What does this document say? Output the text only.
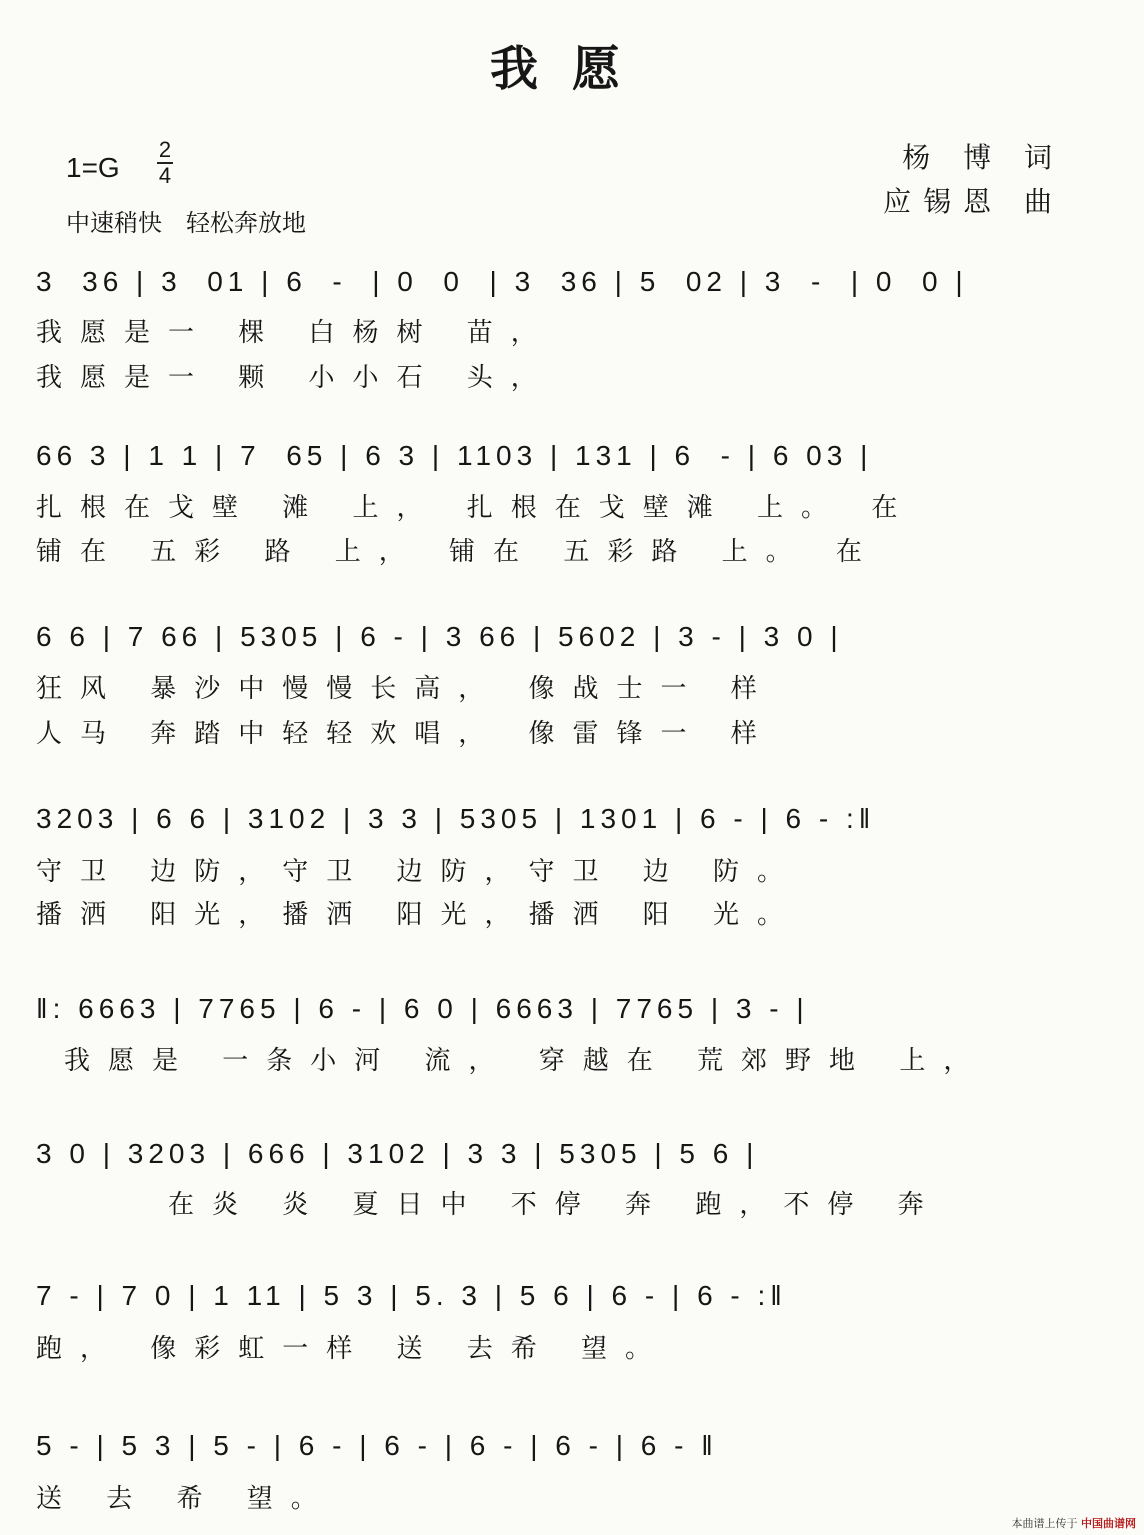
我愿
1=G
2
4
中速稍快　轻松奔放地
杨 博 词
应锡恩 曲
3  36 | 3  01 | 6  -  | 0  0  | 3  36 | 5  02 | 3  -  | 0  0 |
我愿是一 棵 白杨树 苗，
我愿是一 颗 小小石 头，
66 3 | 1 1 | 7  65 | 6 3 | 1103 | 131 | 6  - | 6 03 |
扎根在戈壁 滩 上， 扎根在戈壁滩 上。 在
铺在 五彩 路 上， 铺在 五彩路 上。 在
6 6 | 7 66 | 5305 | 6 - | 3 66 | 5602 | 3 - | 3 0 |
狂风 暴沙中慢慢长高， 像战士一 样
人马 奔踏中轻轻欢唱， 像雷锋一 样
3203 | 6 6 | 3102 | 3 3 | 5305 | 1301 | 6 - | 6 - :‖
守卫 边防，守卫 边防，守卫 边 防。
播洒 阳光，播洒 阳光，播洒 阳 光。
‖: 6663 | 7765 | 6 - | 6 0 | 6663 | 7765 | 3 - |
我愿是 一条小河 流， 穿越在 荒郊野地 上，
3 0 | 3203 | 666 | 3102 | 3 3 | 5305 | 5 6 |
在炎 炎 夏日中 不停 奔 跑，不停 奔
7 - | 7 0 | 1 11 | 5 3 | 5. 3 | 5 6 | 6 - | 6 - :‖
跑， 像彩虹一样 送 去希 望。
5 - | 5 3 | 5 - | 6 - | 6 - | 6 - | 6 - | 6 - ‖
送 去 希 望。
本曲谱上传于 中国曲谱网
